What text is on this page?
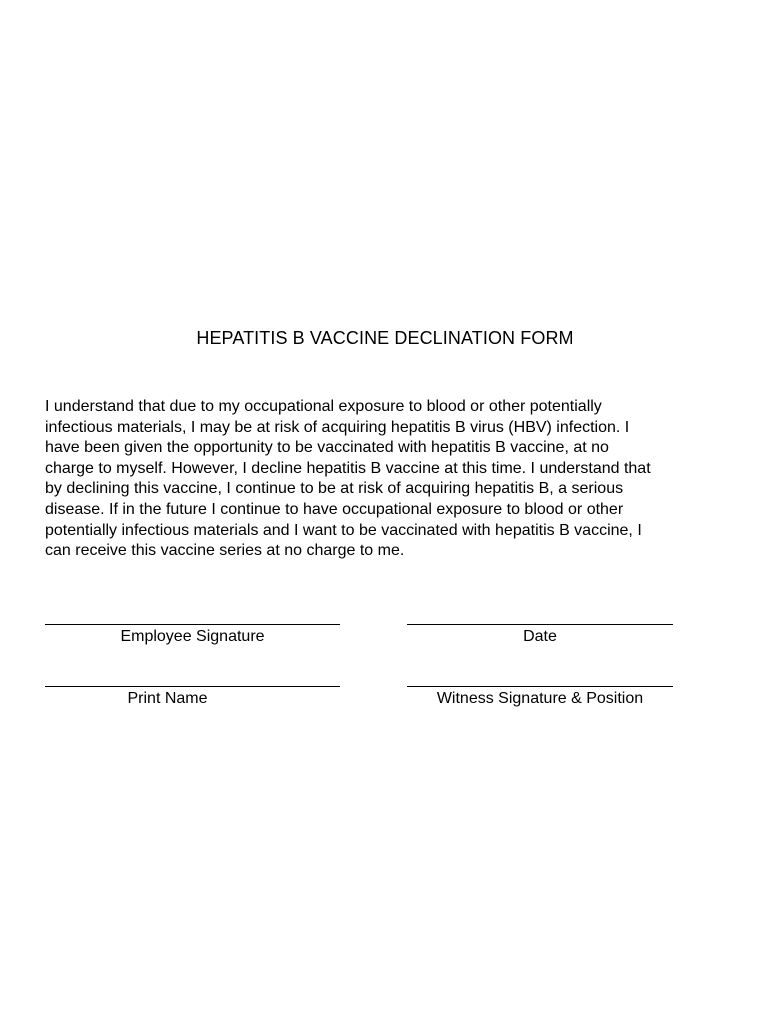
HEPATITIS B VACCINE DECLINATION FORM

I understand that due to my occupational exposure to blood or other potentially
infectious materials, I may be at risk of acquiring hepatitis B virus (HBV) infection. I
have been given the opportunity to be vaccinated with hepatitis B vaccine, at no
charge to myself. However, I decline hepatitis B vaccine at this time. I understand that
by declining this vaccine, I continue to be at risk of acquiring hepatitis B, a serious
disease. If in the future I continue to have occupational exposure to blood or other
potentially infectious materials and I want to be vaccinated with hepatitis B vaccine, I
can receive this vaccine series at no charge to me.

Employee Signature	Date
Print Name	Witness Signature & Position
